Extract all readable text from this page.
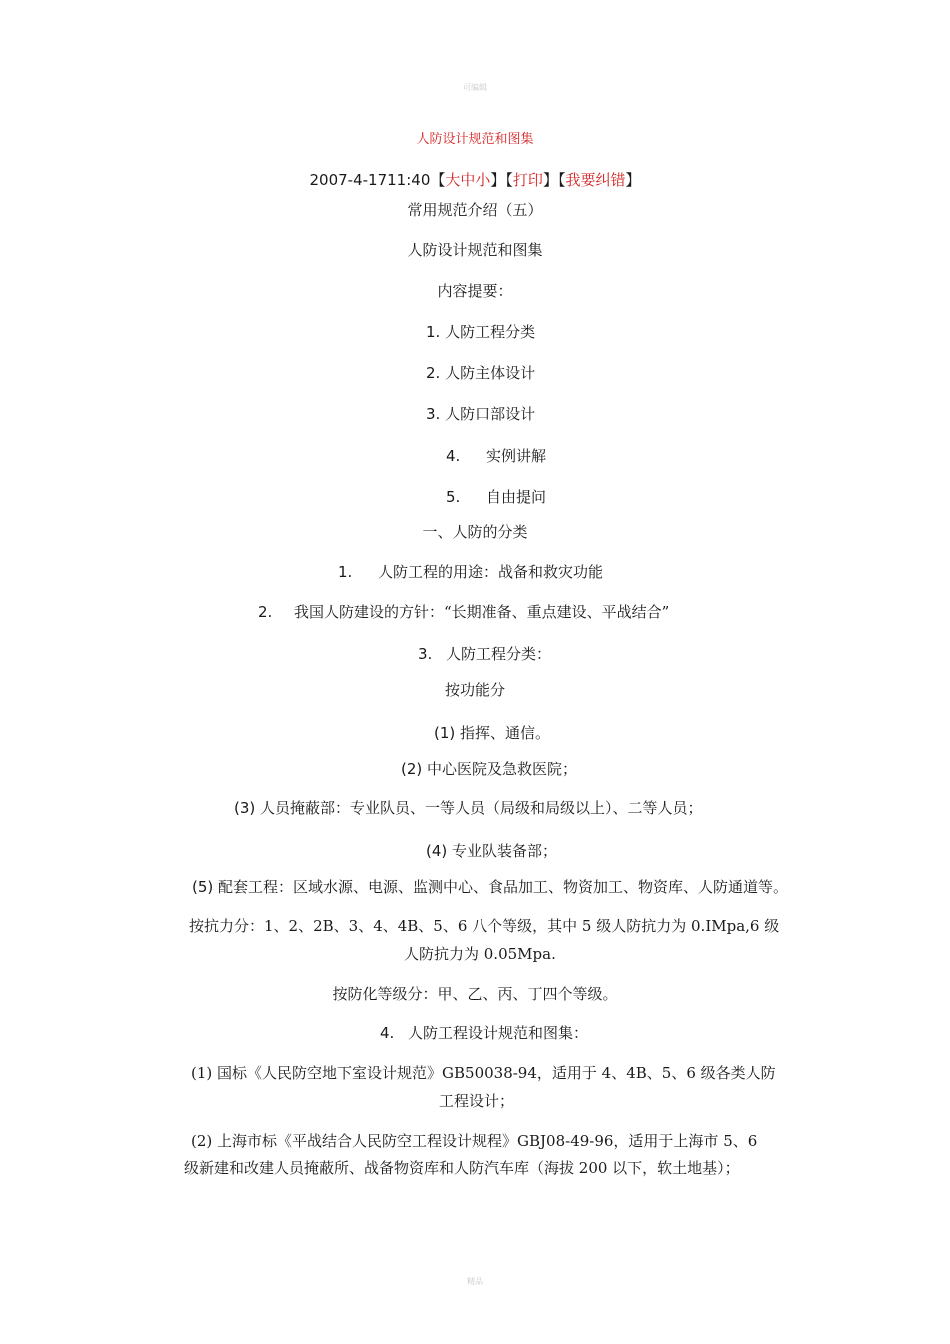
可编辑
人防设计规范和图集
2007-4-1711:40【大中小】【打印】【我要纠错】
常用规范介绍（五）
人防设计规范和图集
内容提要：
1. 人防工程分类
2. 人防主体设计
3. 人防口部设计
4. 实例讲解
5. 自由提问
一、人防的分类
1. 人防工程的用途：战备和救灾功能
2. 我国人防建设的方针：“长期准备、重点建设、平战结合”
3. 人防工程分类：
按功能分
(1) 指挥、通信。
(2) 中心医院及急救医院；
(3) 人员掩蔽部：专业队员、一等人员（局级和局级以上）、二等人员；
(4) 专业队装备部；
(5) 配套工程：区域水源、电源、监测中心、食品加工、物资加工、物资库、人防通道等。
按抗力分：1、2、2B、3、4、4B、5、6 八个等级，其中 5 级人防抗力为 0.IMpa,6 级
人防抗力为 0.05Mpa.
按防化等级分：甲、乙、丙、丁四个等级。
4. 人防工程设计规范和图集：
(1) 国标《人民防空地下室设计规范》GB50038-94，适用于 4、4B、5、6 级各类人防
工程设计；
(2) 上海市标《平战结合人民防空工程设计规程》GBJ08-49-96，适用于上海市 5、6
级新建和改建人员掩蔽所、战备物资库和人防汽车库（海拔 200 以下，软土地基）；
精品
